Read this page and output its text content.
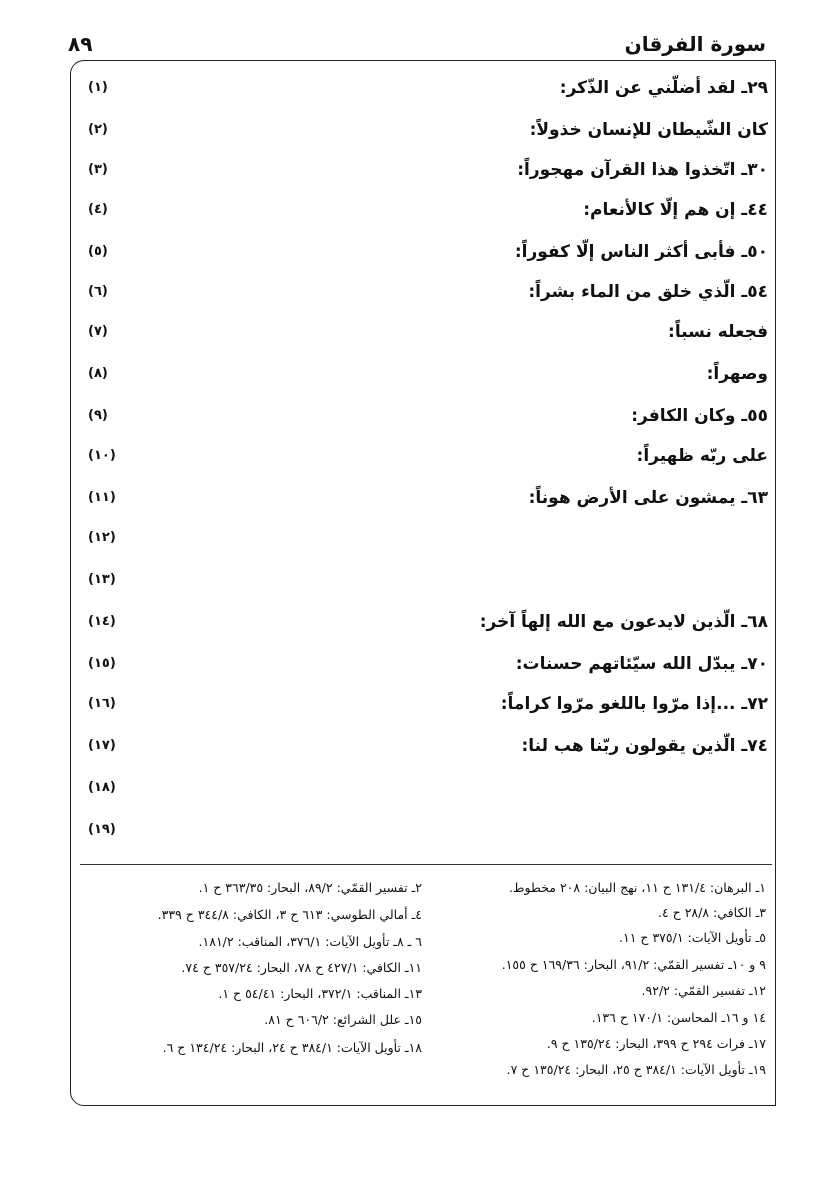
سورة الفرقان
٨٩
(١)	٢٩ـ لقد أضلّني عن الذّكر:
(٢)	كان الشّيطان للإنسان خذولاً:
(٣)	٣٠ـ اتّخذوا هذا القرآن مهجوراً:
(٤)	٤٤ـ إن هم إلّا كالأنعام:
(٥)	٥٠ـ فأبى أكثر الناس إلّا كفوراً:
(٦)	٥٤ـ الّذي خلق من الماء بشراً:
(٧)	فجعله نسباً:
(٨)	وصهراً:
(٩)	٥٥ـ وكان الكافر:
(١٠)	على ربّه ظهيراً:
(١١)	٦٣ـ يمشون على الأرض هوناً:
(١٢)
(١٣)
(١٤)	٦٨ـ الّذين لايدعون مع الله إلهاً آخر:
(١٥)	٧٠ـ يبدّل الله سيّئاتهم حسنات:
(١٦)	٧٢ـ ...إذا مرّوا باللغو مرّوا كراماً:
(١٧)	٧٤ـ الّذين يقولون ربّنا هب لنا:
(١٨)
(١٩)
١ـ البرهان: ١٣١/٤ ح ١١، نهج البيان: ٢٠٨ مخطوط.
٣ـ الكافي: ٢٨/٨ ح ٤.
٥ـ تأويل الآيات: ٣٧٥/١ ح ١١.
٩ و ١٠ـ تفسير القمّي: ٩١/٢، البحار: ١٦٩/٣٦ ح ١٥٥.
١٢ـ تفسير القمّي: ٩٢/٢.
١٤ و ١٦ـ المحاسن: ١٧٠/١ ح ١٣٦.
١٧ـ فرات ٢٩٤ ح ٣٩٩، البحار: ١٣٥/٢٤ ح ٩.
١٩ـ تأويل الآيات: ٣٨٤/١ ح ٢٥، البحار: ١٣٥/٢٤ ح ٧.
٢ـ تفسير القمّي: ٨٩/٢، البحار: ٣٦٣/٣٥ ح ١.
٤ـ أمالي الطوسي: ٦١٣ ح ٣، الكافي: ٣٤٤/٨ ح ٣٣٩.
٦ ـ ٨ـ تأويل الآيات: ٣٧٦/١، المناقب: ١٨١/٢.
١١ـ الكافي: ٤٢٧/١ ح ٧٨، البحار: ٣٥٧/٢٤ ح ٧٤.
١٣ـ المناقب: ٣٧٢/١، البحار: ٥٤/٤١ ح ١.
١٥ـ علل الشرائع: ٦٠٦/٢ ح ٨١.
١٨ـ تأويل الآيات: ٣٨٤/١ ح ٢٤، البحار: ١٣٤/٢٤ ح ٦.
